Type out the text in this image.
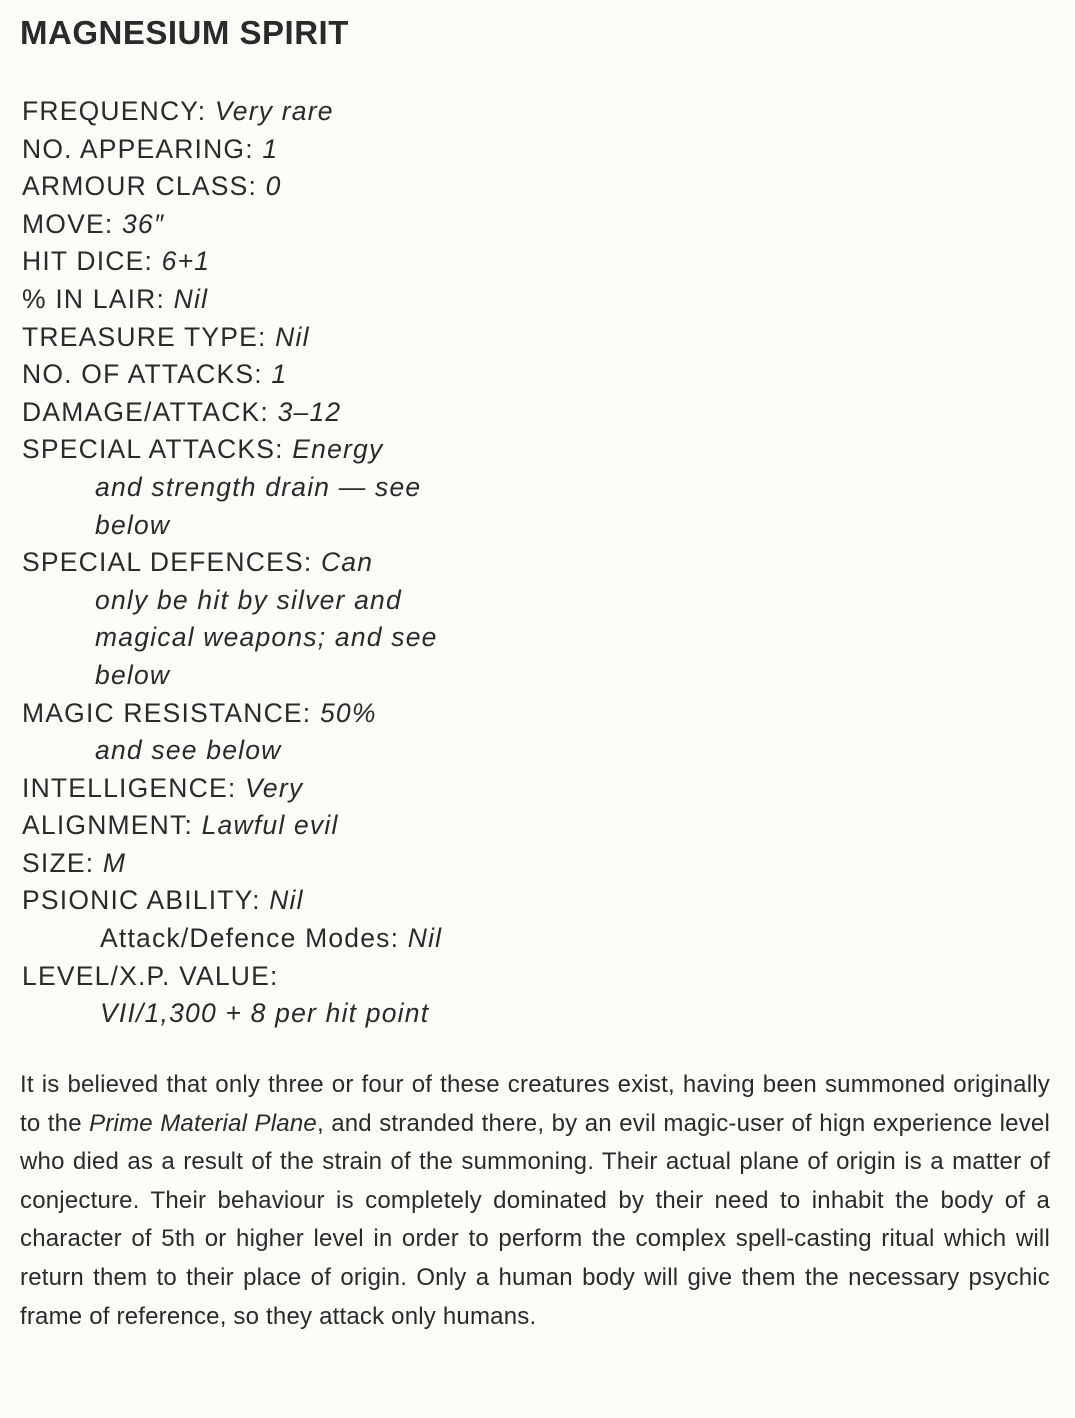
MAGNESIUM SPIRIT

FREQUENCY: Very rare

NO. APPEARING: 1

ARMOUR CLASS: 0

MOVE: 36″

HIT DICE: 6+1

% IN LAIR: Nil

TREASURE TYPE: Nil

NO. OF ATTACKS: 1

DAMAGE/ATTACK: 3–12

SPECIAL ATTACKS: Energy

and strength drain — see

below

SPECIAL DEFENCES: Can

only be hit by silver and

magical weapons; and see

below

MAGIC RESISTANCE: 50%

and see below

INTELLIGENCE: Very

ALIGNMENT: Lawful evil

SIZE: M

PSIONIC ABILITY: Nil

Attack/Defence Modes: Nil

LEVEL/X.P. VALUE:

VII/1,300 + 8 per hit point

It is believed that only three or four of these creatures exist, having been summoned originally to the Prime Material Plane, and stranded there, by an evil magic-user of hign experience level who died as a result of the strain of the summoning. Their actual plane of origin is a matter of conjecture. Their behaviour is completely dominated by their need to inhabit the body of a character of 5th or higher level in order to perform the complex spell-casting ritual which will return them to their place of origin. Only a human body will give them the necessary psychic frame of reference, so they attack only humans.
